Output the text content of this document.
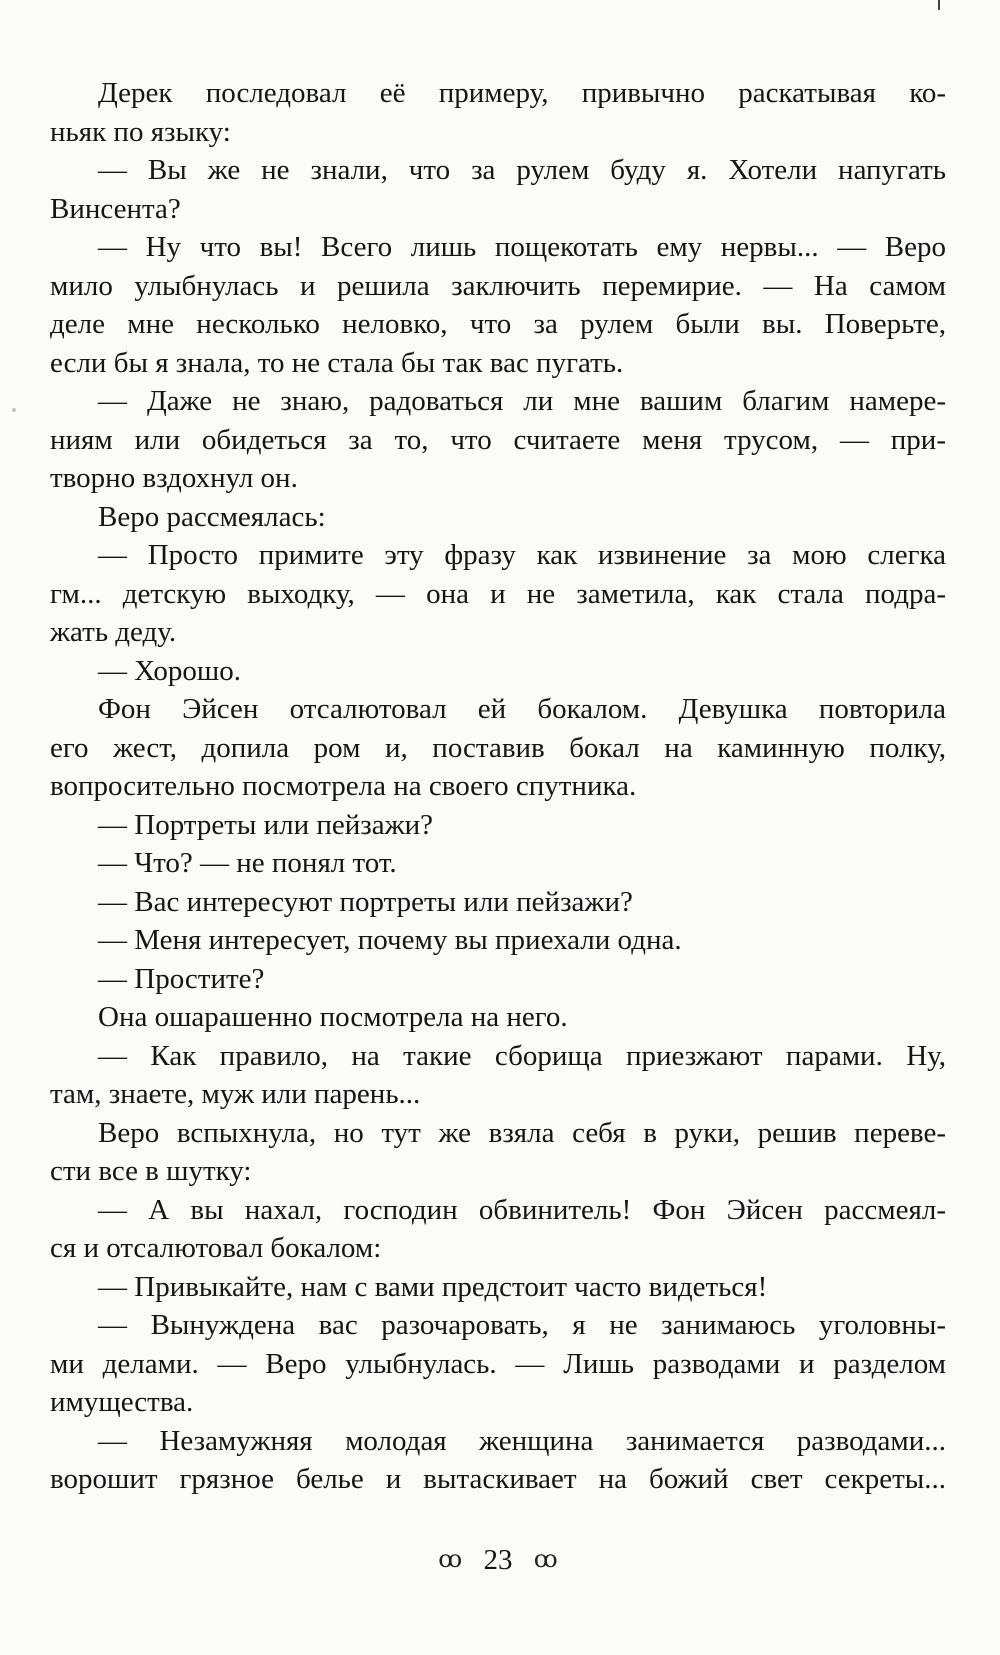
Дерек последовал её примеру, привычно раскатывая ко-
ньяк по языку:
— Вы же не знали, что за рулем буду я. Хотели напугать
Винсента?
— Ну что вы! Всего лишь пощекотать ему нервы... — Веро
мило улыбнулась и решила заключить перемирие. — На самом
деле мне несколько неловко, что за рулем были вы. Поверьте,
если бы я знала, то не стала бы так вас пугать.
— Даже не знаю, радоваться ли мне вашим благим намере-
ниям или обидеться за то, что считаете меня трусом, — при-
творно вздохнул он.
Веро рассмеялась:
— Просто примите эту фразу как извинение за мою слегка
гм... детскую выходку, — она и не заметила, как стала подра-
жать деду.
— Хорошо.
Фон Эйсен отсалютовал ей бокалом. Девушка повторила
его жест, допила ром и, поставив бокал на каминную полку,
вопросительно посмотрела на своего спутника.
— Портреты или пейзажи?
— Что? — не понял тот.
— Вас интересуют портреты или пейзажи?
— Меня интересует, почему вы приехали одна.
— Простите?
Она ошарашенно посмотрела на него.
— Как правило, на такие сборища приезжают парами. Ну,
там, знаете, муж или парень...
Веро вспыхнула, но тут же взяла себя в руки, решив переве-
сти все в шутку:
— А вы нахал, господин обвинитель! Фон Эйсен рассмеял-
ся и отсалютовал бокалом:
— Привыкайте, нам с вами предстоит часто видеться!
— Вынуждена вас разочаровать, я не занимаюсь уголовны-
ми делами. — Веро улыбнулась. — Лишь разводами и разделом
имущества.
— Незамужняя молодая женщина занимается разводами...
ворошит грязное белье и вытаскивает на божий свет секреты...
ꝏ 23 ꝏ
